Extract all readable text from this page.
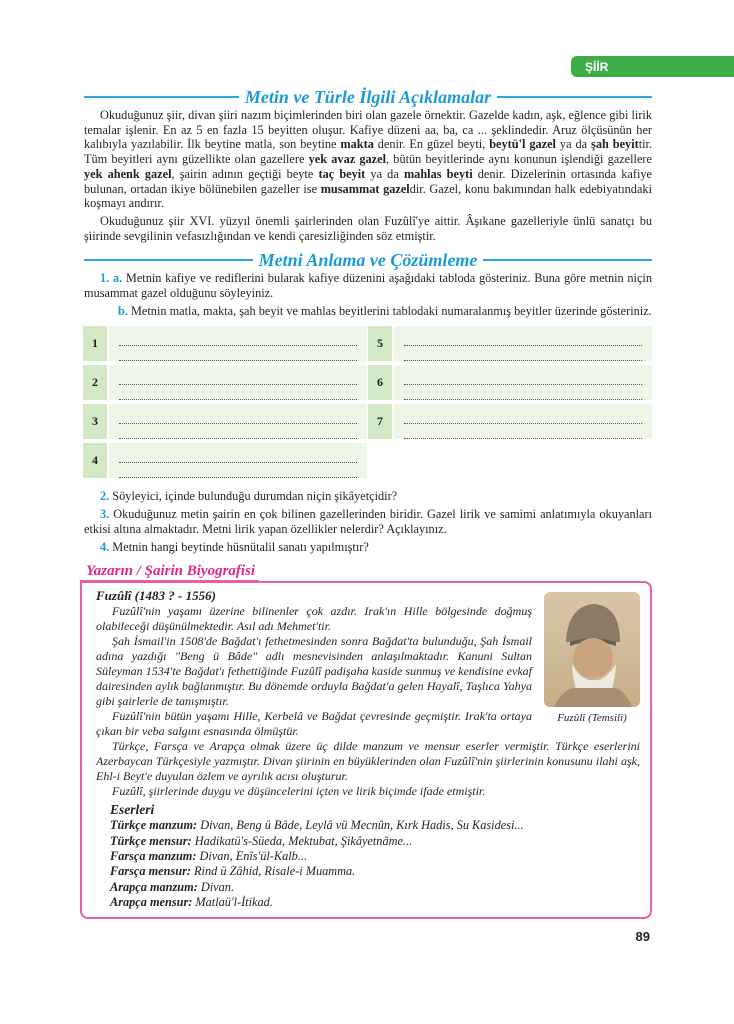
ŞİİR
Metin ve Türle İlgili Açıklamalar

Okuduğunuz şiir, divan şiiri nazım biçimlerinden biri olan gazele örnektir. Gazelde kadın, aşk, eğlence gibi lirik temalar işlenir. En az 5 en fazla 15 beyitten oluşur. Kafiye düzeni aa, ba, ca ... şeklindedir. Aruz ölçüsünün her kalıbıyla yazılabilir. İlk beytine matla, son beytine makta denir. En güzel beyti, beytü'l gazel ya da şah beyittir. Tüm beyitleri aynı güzellikte olan gazellere yek avaz gazel, bütün beyitlerinde aynı konunun işlendiği gazellere yek ahenk gazel, şairin adının geçtiği beyte taç beyit ya da mahlas beyti denir. Dizelerinin ortasında kafiye bulunan, ortadan ikiye bölünebilen gazeller ise musammat gazeldir. Gazel, konu bakımından halk edebiyatındaki koşmayı andırır.

Okuduğunuz şiir XVI. yüzyıl önemli şairlerinden olan Fuzûlî'ye aittir. Âşıkane gazelleriyle ünlü sanatçı bu şiirinde sevgilinin vefasızlığından ve kendi çaresizliğinden söz etmiştir.

Metni Anlama ve Çözümleme

1. a. Metnin kafiye ve rediflerini bularak kafiye düzenini aşağıdaki tabloda gösteriniz. Buna göre metnin niçin musammat gazel olduğunu söyleyiniz.

b. Metnin matla, makta, şah beyit ve mahlas beyitlerini tablodaki numaralanmış beyitler üzerinde gösteriniz.

1
2
3
4
5
6
7

2. Söyleyici, içinde bulunduğu durumdan niçin şikâyetçidir?

3. Okuduğunuz metin şairin en çok bilinen gazellerinden biridir. Gazel lirik ve samimi anlatımıyla okuyanları etkisi altına almaktadır. Metni lirik yapan özellikler nelerdir? Açıklayınız.

4. Metnin hangi beytinde hüsnütalil sanatı yapılmıştır?

Yazarın / Şairin Biyografisi
Fuzûlî (1483 ? - 1556)
Fuzûlî (Temsilî)

Fuzûlî'nin yaşamı üzerine bilinenler çok azdır. Irak'ın Hille bölgesinde doğmuş olabileceği düşünülmektedir. Asıl adı Mehmet'tir.

Şah İsmail'in 1508'de Bağdat'ı fethetmesinden sonra Bağdat'ta bulunduğu, Şah İsmail adına yazdığı "Beng ü Bâde" adlı mesnevisinden anlaşılmaktadır. Kanuni Sultan Süleyman 1534'te Bağdat'ı fethettiğinde Fuzûlî padişaha kaside sunmuş ve kendisine evkaf dairesinden aylık bağlanmıştır. Bu dönemde orduyla Bağdat'a gelen Hayalî, Taşlıca Yahya gibi şairlerle de tanışmıştır.

Fuzûlî'nin bütün yaşamı Hille, Kerbelâ ve Bağdat çevresinde geçmiştir. Irak'ta ortaya çıkan bir veba salgını esnasında ölmüştür.

Türkçe, Farsça ve Arapça olmak üzere üç dilde manzum ve mensur eserler vermiştir. Türkçe eserlerini Azerbaycan Türkçesiyle yazmıştır. Divan şiirinin en büyüklerinden olan Fuzûlî'nin şiirlerinin konusunu ilahi aşk, Ehl-i Beyt'e duyulan özlem ve ayrılık acısı oluşturur.

Fuzûlî, şiirlerinde duygu ve düşüncelerini içten ve lirik biçimde ifade etmiştir.

Eserleri
Türkçe manzum: Divan, Beng ü Bâde, Leylâ vü Mecnûn, Kırk Hadis, Su Kasidesi...
Türkçe mensur: Hadikatü's-Süeda, Mektubat, Şikâyetnâme...
Farsça manzum: Divan, Enîs'ül-Kalb...
Farsça mensur: Rind ü Zâhid, Risale-i Muamma.
Arapça manzum: Divan.
Arapça mensur: Matlaü'l-İtikad.
89
